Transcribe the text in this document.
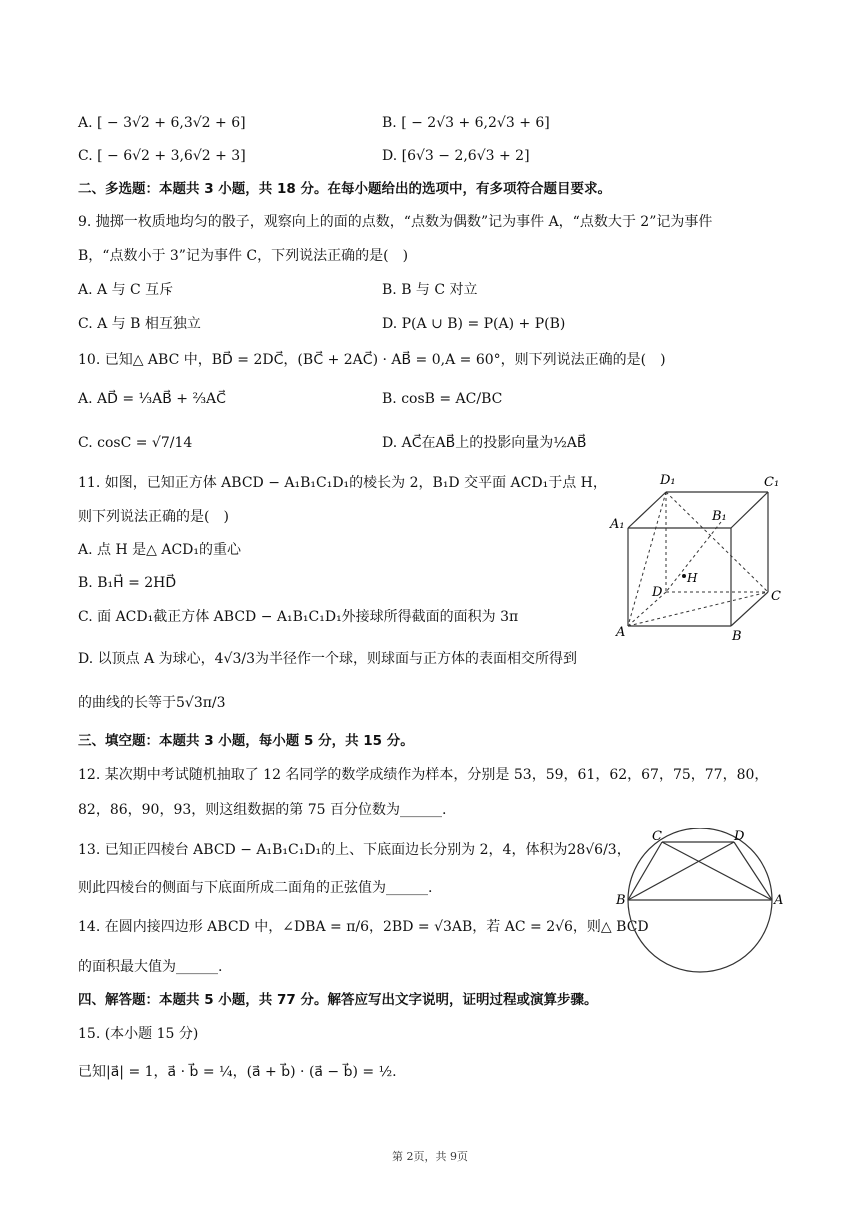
A. [ − 3√2 + 6,3√2 + 6]	B. [ − 2√3 + 6,2√3 + 6]
C. [ − 6√2 + 3,6√2 + 3]	D. [6√3 − 2,6√3 + 2]
二、多选题：本题共 3 小题，共 18 分。在每小题给出的选项中，有多项符合题目要求。
9. 抛掷一枚质地均匀的骰子，观察向上的面的点数，“点数为偶数”记为事件 A，“点数大于 2”记为事件
B，“点数小于 3”记为事件 C，下列说法正确的是(　)
A. A 与 C 互斥	B. B 与 C 对立
C. A 与 B 相互独立	D. P(A ∪ B) = P(A) + P(B)
10. 已知△ ABC 中，BD⃗ = 2DC⃗，(BC⃗ + 2AC⃗) · AB⃗ = 0,A = 60°，则下列说法正确的是(　)
A. AD⃗ = ⅓AB⃗ + ⅔AC⃗	B. cosB = AC/BC
C. cosC = √7/14	D. AC⃗在AB⃗上的投影向量为½AB⃗
11. 如图，已知正方体 ABCD − A₁B₁C₁D₁的棱长为 2，B₁D 交平面 ACD₁于点 H，
则下列说法正确的是(　)
A. 点 H 是△ ACD₁的重心
B. B₁H⃗ = 2HD⃗
C. 面 ACD₁截正方体 ABCD − A₁B₁C₁D₁外接球所得截面的面积为 3π
D. 以顶点 A 为球心，4√3/3为半径作一个球，则球面与正方体的表面相交所得到
的曲线的长等于5√3π/3
D₁	C₁
A₁
B₁
H
D	C
A	B
三、填空题：本题共 3 小题，每小题 5 分，共 15 分。
12. 某次期中考试随机抽取了 12 名同学的数学成绩作为样本，分别是 53，59，61，62，67，75，77，80，
82，86，90，93，则这组数据的第 75 百分位数为______.
13. 已知正四棱台 ABCD − A₁B₁C₁D₁的上、下底面边长分别为 2，4，体积为28√6/3，
则此四棱台的侧面与下底面所成二面角的正弦值为______.
14. 在圆内接四边形 ABCD 中，∠DBA = π/6，2BD = √3AB，若 AC = 2√6，则△ BCD
的面积最大值为______.
C	D
B	A
四、解答题：本题共 5 小题，共 77 分。解答应写出文字说明，证明过程或演算步骤。
15. (本小题 15 分)
已知|a⃗| = 1，a⃗ · b⃗ = ¼，(a⃗ + b⃗) · (a⃗ − b⃗) = ½.
第 2页，共 9页
